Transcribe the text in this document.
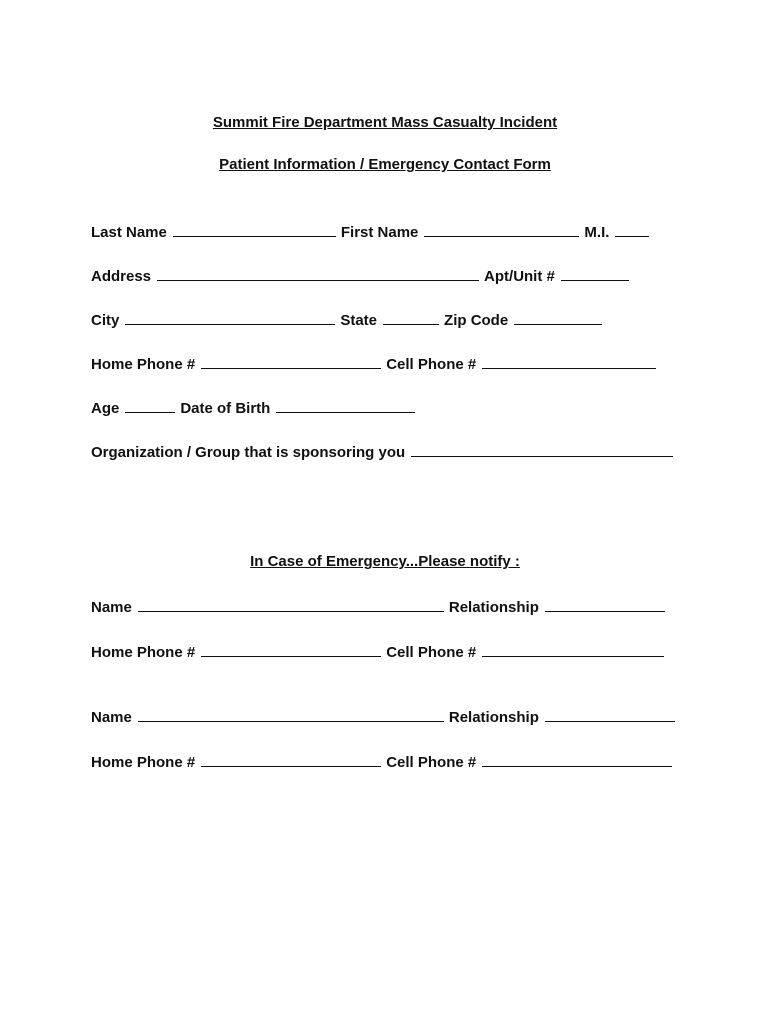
Summit Fire Department Mass Casualty Incident
Patient Information / Emergency Contact Form
Last Name	First Name	M.I.
Address	Apt/Unit #
City	State	Zip Code
Home Phone #	Cell Phone #
Age	Date of Birth
Organization / Group that is sponsoring you
In Case of Emergency...Please notify :
Name	Relationship
Home Phone #	Cell Phone #
Name	Relationship
Home Phone #	Cell Phone #
